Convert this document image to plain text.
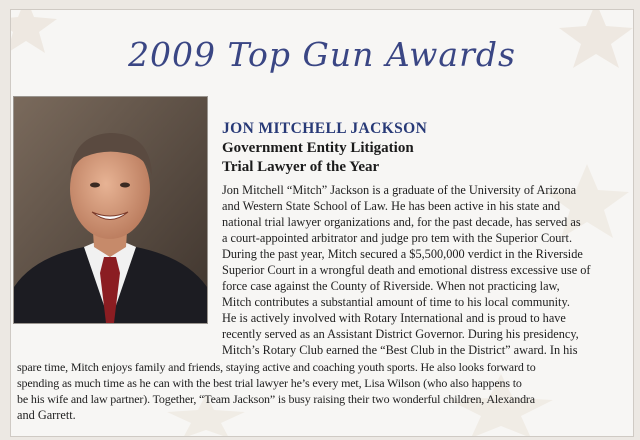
2009 Top Gun Awards
JON MITCHELL JACKSON
Government Entity Litigation
Trial Lawyer of the Year
Jon Mitchell “Mitch” Jackson is a graduate of the University of Arizona
and Western State School of Law. He has been active in his state and
national trial lawyer organizations and, for the past decade, has served as
a court-appointed arbitrator and judge pro tem with the Superior Court.
During the past year, Mitch secured a $5,500,000 verdict in the Riverside
Superior Court in a wrongful death and emotional distress excessive use of
force case against the County of Riverside. When not practicing law,
Mitch contributes a substantial amount of time to his local community.
He is actively involved with Rotary International and is proud to have
recently served as an Assistant District Governor. During his presidency,
Mitch’s Rotary Club earned the “Best Club in the District” award. In his
spare time, Mitch enjoys family and friends, staying active and coaching youth sports. He also looks forward to
spending as much time as he can with the best trial lawyer he’s every met, Lisa Wilson (who also happens to
be his wife and law partner). Together, “Team Jackson” is busy raising their two wonderful children, Alexandra
and Garrett.
